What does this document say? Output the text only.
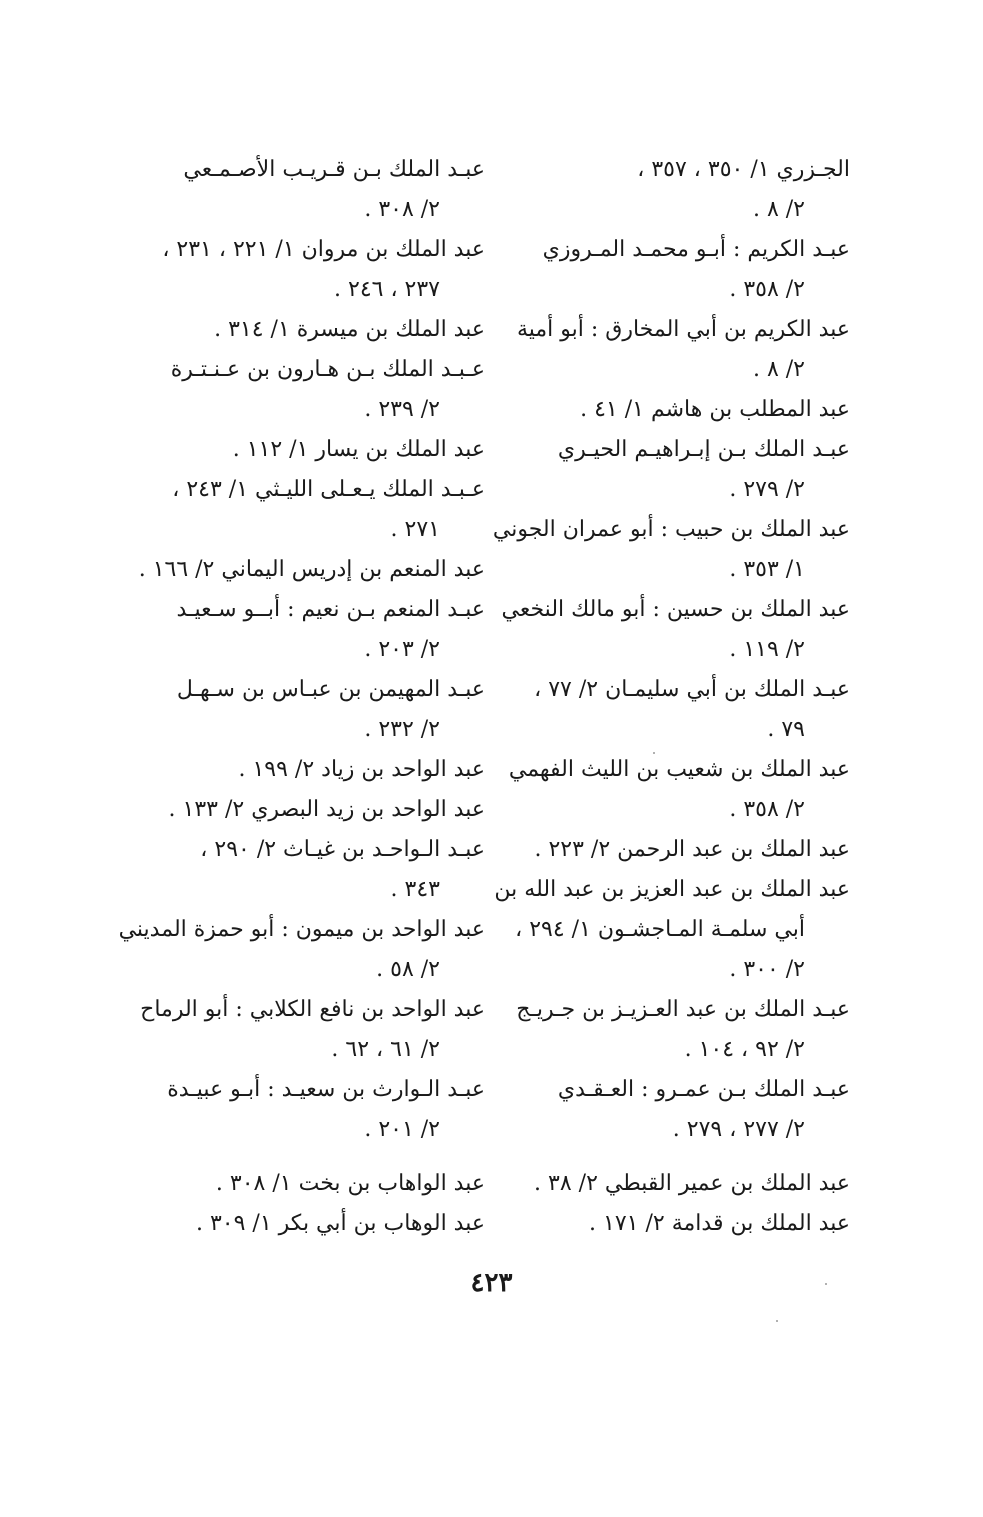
الجـزري ١/ ٣٥٠ ، ٣٥٧ ،
٢/ ٨ .
عبـد الكريم : أبـو محمـد المـروزي
٢/ ٣٥٨ .
عبد الكريم بن أبي المخارق : أبو أمية
٢/ ٨ .
عبد المطلب بن هاشم ١/ ٤١ .
عبـد الملك بـن إبـراهيـم الحيـري
٢/ ٢٧٩ .
عبد الملك بن حبيب : أبو عمران الجوني
١/ ٣٥٣ .
عبد الملك بن حسين : أبو مالك النخعي
٢/ ١١٩ .
عبـد الملك بن أبي سليمـان ٢/ ٧٧ ،
٧٩ .
عبد الملك بن شعيب بن الليث الفهمي
٢/ ٣٥٨ .
عبد الملك بن عبد الرحمن ٢/ ٢٢٣ .
عبد الملك بن عبد العزيز بن عبد الله بن
أبي سلمـة المـاجشـون ١/ ٢٩٤ ،
٢/ ٣٠٠ .
عبـد الملك بن عبد العـزيـز بن جـريـج
٢/ ٩٢ ، ١٠٤ .
عبـد الملك بـن عمـرو : العـقـدي
٢/ ٢٧٧ ، ٢٧٩ .
عبد الملك بن عمير القبطي ٢/ ٣٨ .
عبد الملك بن قدامة ٢/ ١٧١ .
عبـد الملك بـن قـريـب الأصـمـعي
٢/ ٣٠٨ .
عبد الملك بن مروان ١/ ٢٢١ ، ٢٣١ ،
٢٣٧ ، ٢٤٦ .
عبد الملك بن ميسرة ١/ ٣١٤ .
عـبـد الملك بـن هـارون بن عـنـتـرة
٢/ ٢٣٩ .
عبد الملك بن يسار ١/ ١١٢ .
عـبـد الملك يـعـلى الليـثي ١/ ٢٤٣ ،
٢٧١ .
عبد المنعم بن إدريس اليماني ٢/ ١٦٦ .
عبـد المنعم بـن نعيم : أبــو سـعيـد
٢/ ٢٠٣ .
عبـد المهيمن بن عبـاس بن سـهـل
٢/ ٢٣٢ .
عبد الواحد بن زياد ٢/ ١٩٩ .
عبد الواحد بن زيد البصري ٢/ ١٣٣ .
عبـد الـواحـد بن غيـاث ٢/ ٢٩٠ ،
٣٤٣ .
عبد الواحد بن ميمون : أبو حمزة المديني
٢/ ٥٨ .
عبد الواحد بن نافع الكلابي : أبو الرماح
٢/ ٦١ ، ٦٢ .
عبـد الـوارث بن سعيـد : أبـو عبيـدة
٢/ ٢٠١ .
عبد الواهاب بن بخت ١/ ٣٠٨ .
عبد الوهاب بن أبي بكر ١/ ٣٠٩ .
٤٢٣
